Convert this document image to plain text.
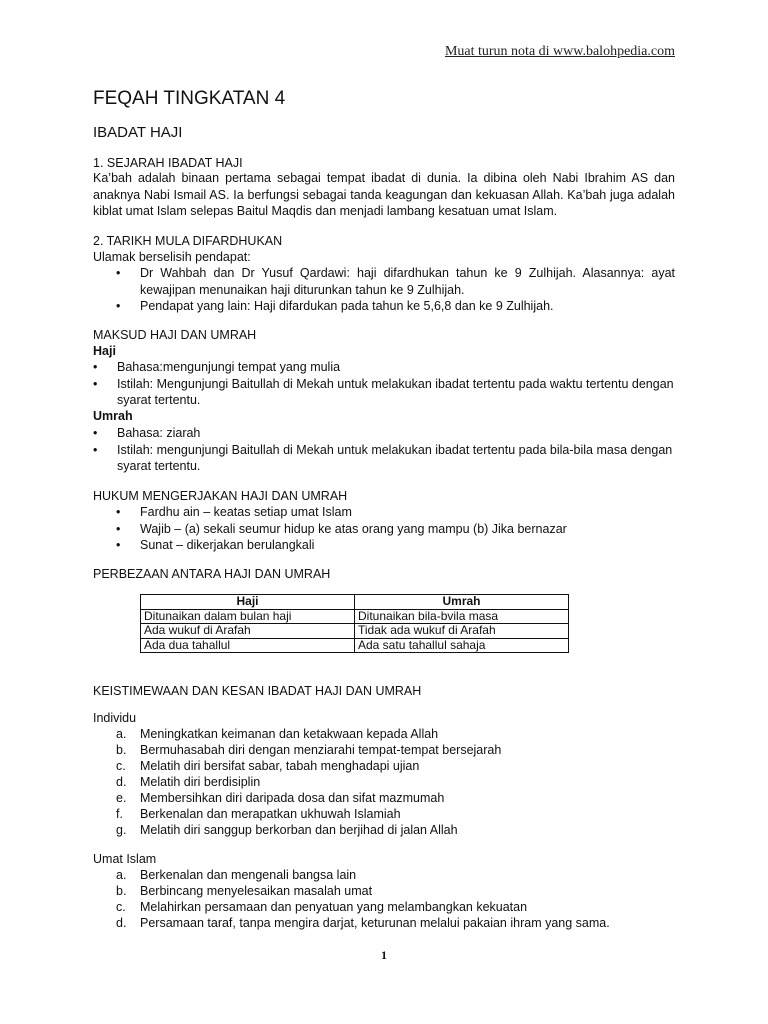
Muat turun nota di www.balohpedia.com
FEQAH TINGKATAN 4
IBADAT HAJI
1. SEJARAH IBADAT HAJI
Ka’bah adalah binaan pertama sebagai tempat ibadat di dunia. Ia dibina oleh Nabi Ibrahim AS dan anaknya Nabi Ismail AS. Ia berfungsi sebagai tanda keagungan dan kekuasan Allah. Ka’bah juga adalah kiblat umat Islam selepas Baitul Maqdis dan menjadi lambang kesatuan umat Islam.
2. TARIKH MULA DIFARDHUKAN
Ulamak berselisih pendapat:
• Dr Wahbah dan Dr Yusuf Qardawi: haji difardhukan tahun ke 9 Zulhijah. Alasannya: ayat kewajipan menunaikan haji diturunkan tahun ke 9 Zulhijah.
• Pendapat yang lain: Haji difardukan pada tahun ke 5,6,8 dan ke 9 Zulhijah.
MAKSUD HAJI DAN UMRAH
Haji
• Bahasa:mengunjungi tempat yang mulia
• Istilah: Mengunjungi Baitullah di Mekah untuk melakukan ibadat tertentu pada waktu tertentu dengan syarat tertentu.
Umrah
• Bahasa: ziarah
• Istilah: mengunjungi Baitullah di Mekah untuk melakukan ibadat tertentu pada bila-bila masa dengan syarat tertentu.
HUKUM MENGERJAKAN HAJI DAN UMRAH
• Fardhu ain – keatas setiap umat Islam
• Wajib – (a) sekali seumur hidup ke atas orang yang mampu (b) Jika bernazar
• Sunat – dikerjakan berulangkali
PERBEZAAN ANTARA HAJI DAN UMRAH
Haji	Umrah
Ditunaikan dalam bulan haji	Ditunaikan bila-bvila masa
Ada wukuf di Arafah	Tidak ada wukuf di Arafah
Ada dua tahallul	Ada satu tahallul sahaja
KEISTIMEWAAN DAN KESAN IBADAT HAJI DAN UMRAH
Individu
a. Meningkatkan keimanan dan ketakwaan kepada Allah
b. Bermuhasabah diri dengan menziarahi tempat-tempat bersejarah
c. Melatih diri bersifat sabar, tabah menghadapi ujian
d. Melatih diri berdisiplin
e. Membersihkan diri daripada dosa dan sifat mazmumah
f. Berkenalan dan merapatkan ukhuwah Islamiah
g. Melatih diri sanggup berkorban dan berjihad di jalan Allah
Umat Islam
a. Berkenalan dan mengenali bangsa lain
b. Berbincang menyelesaikan masalah umat
c. Melahirkan persamaan dan penyatuan yang melambangkan kekuatan
d. Persamaan taraf, tanpa mengira darjat, keturunan melalui pakaian ihram yang sama.
1
